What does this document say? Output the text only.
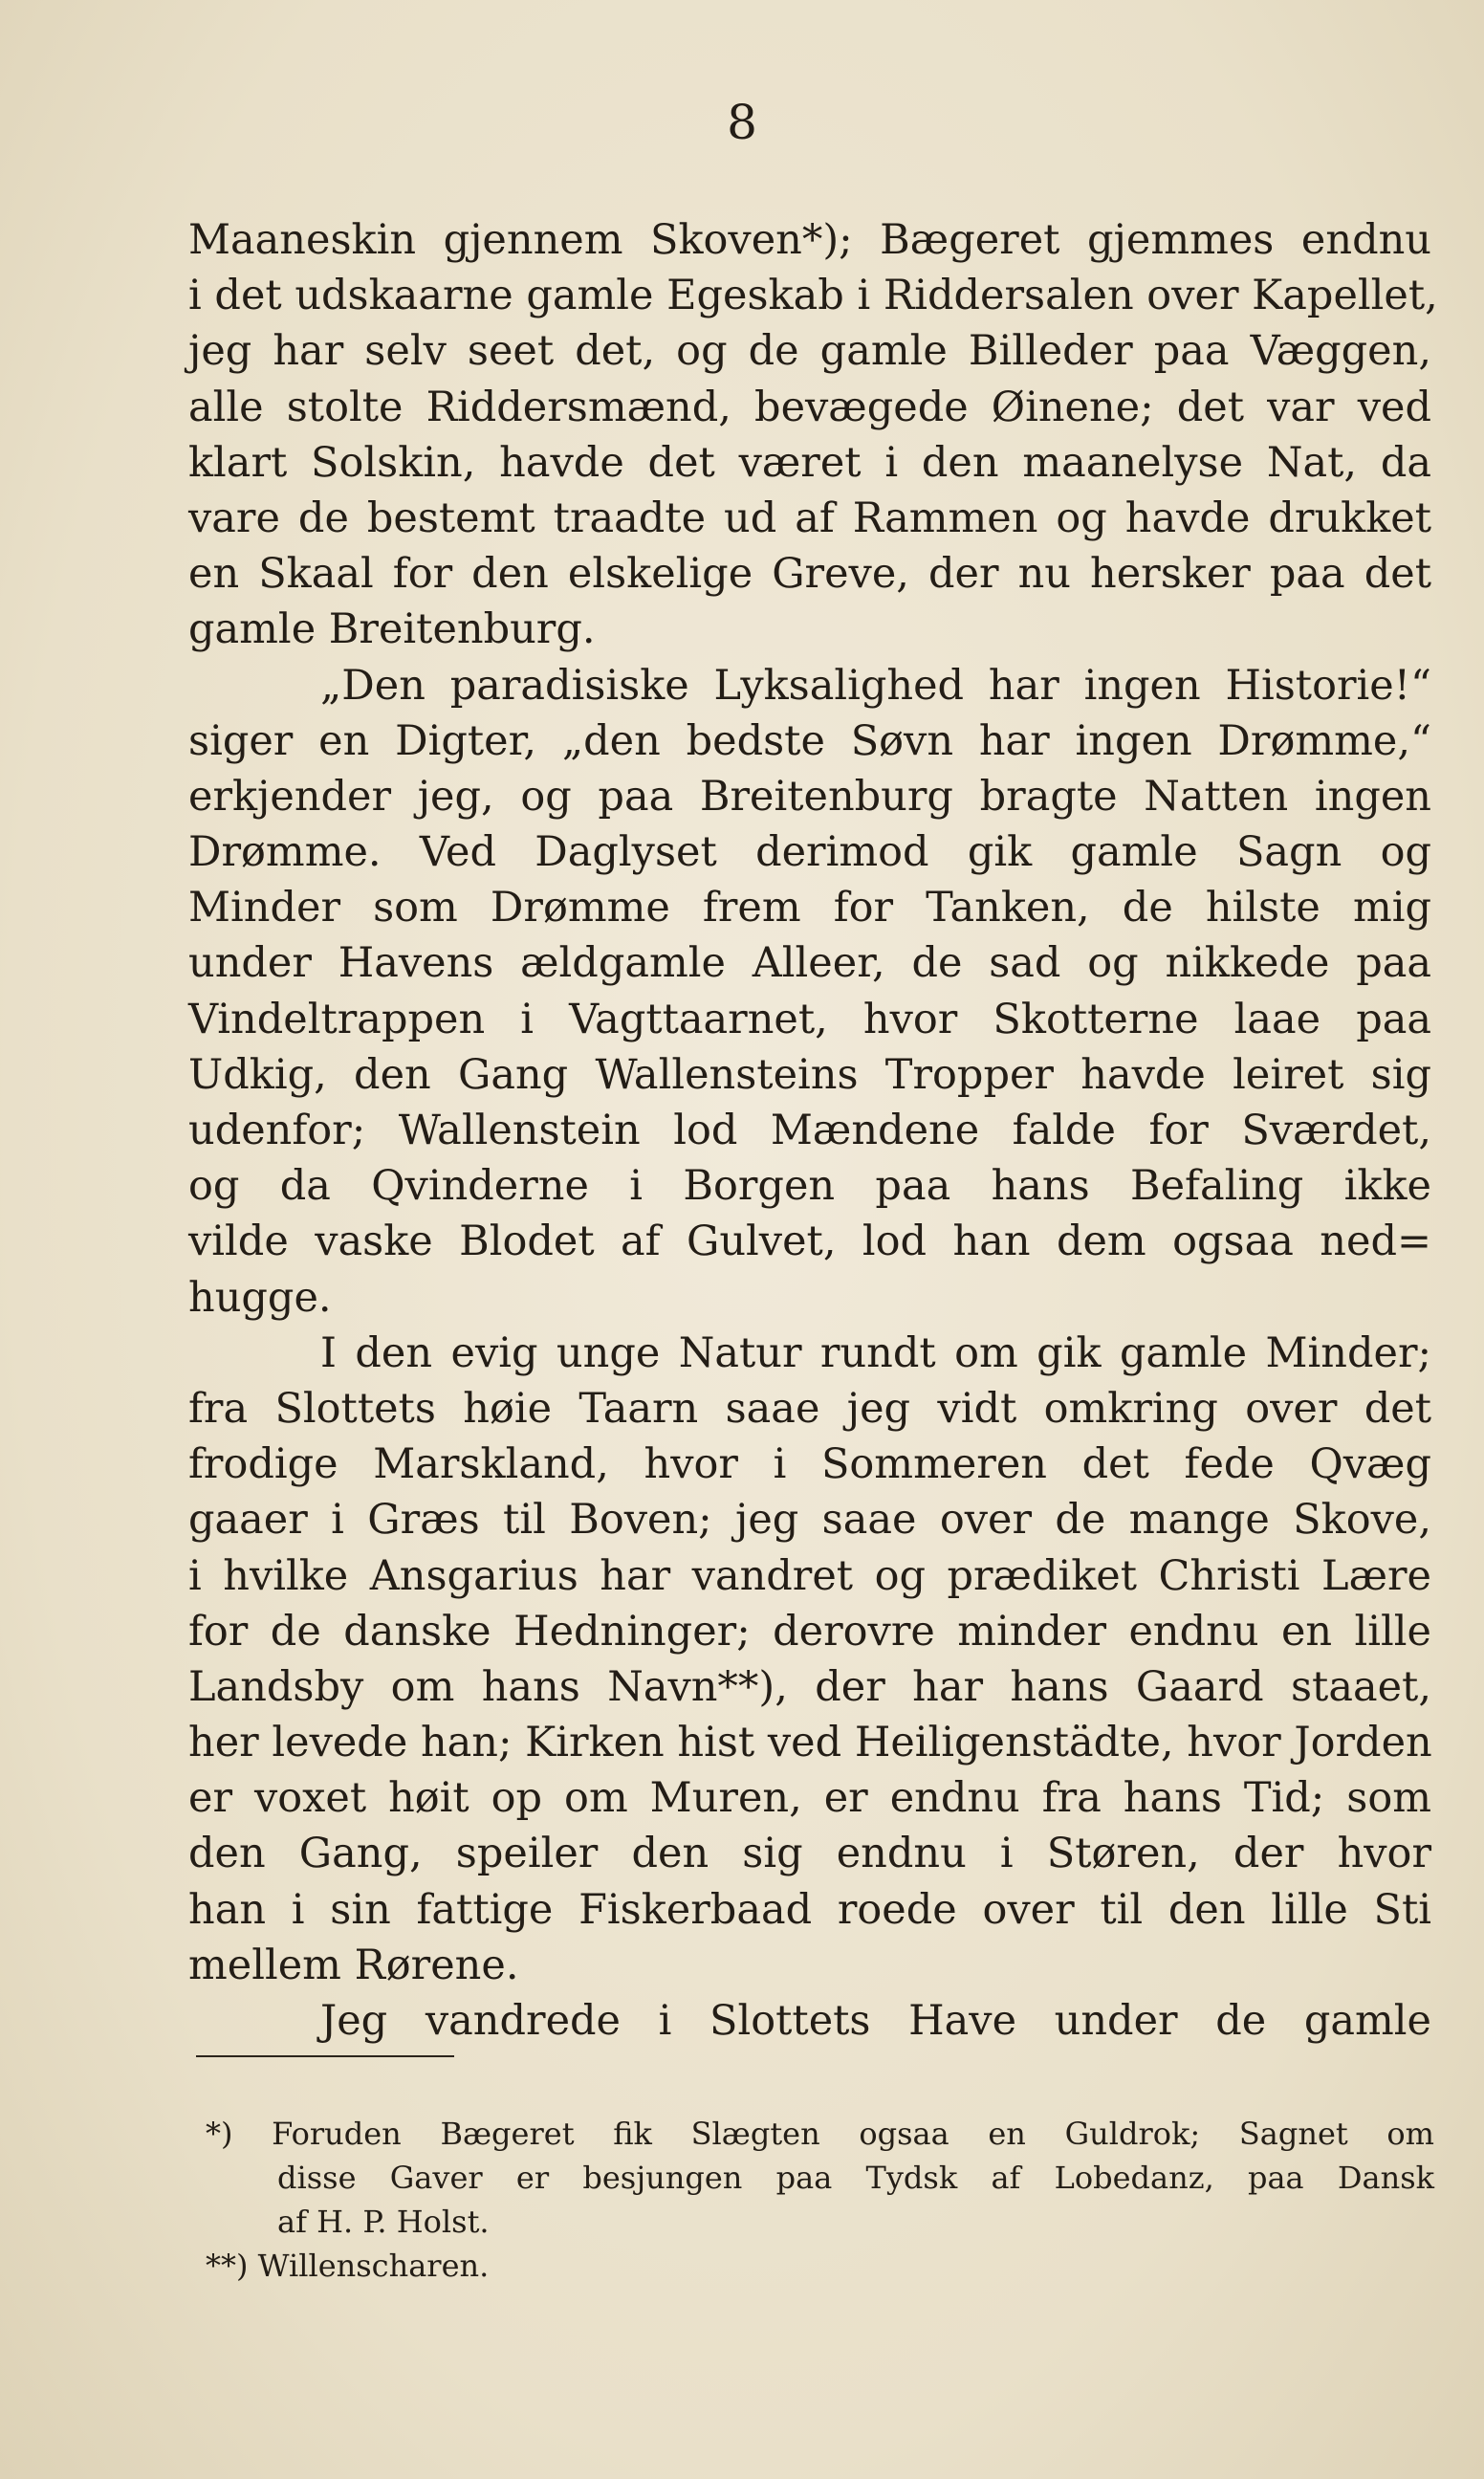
8
Maaneskin gjennem Skoven*); Bægeret gjemmes endnu
i det udskaarne gamle Egeskab i Riddersalen over Kapellet,
jeg har selv seet det, og de gamle Billeder paa Væggen,
alle stolte Riddersmænd, bevægede Øinene; det var ved
klart Solskin, havde det været i den maanelyse Nat, da
vare de bestemt traadte ud af Rammen og havde drukket
en Skaal for den elskelige Greve, der nu hersker paa det
gamle Breitenburg.
„Den paradisiske Lyksalighed har ingen Historie!“
siger en Digter, „den bedste Søvn har ingen Drømme,“
erkjender jeg, og paa Breitenburg bragte Natten ingen
Drømme. Ved Daglyset derimod gik gamle Sagn og
Minder som Drømme frem for Tanken, de hilste mig
under Havens ældgamle Alleer, de sad og nikkede paa
Vindeltrappen i Vagttaarnet, hvor Skotterne laae paa
Udkig, den Gang Wallensteins Tropper havde leiret sig
udenfor; Wallenstein lod Mændene falde for Sværdet,
og da Qvinderne i Borgen paa hans Befaling ikke
vilde vaske Blodet af Gulvet, lod han dem ogsaa ned=
hugge.
I den evig unge Natur rundt om gik gamle Minder;
fra Slottets høie Taarn saae jeg vidt omkring over det
frodige Marskland, hvor i Sommeren det fede Qvæg
gaaer i Græs til Boven; jeg saae over de mange Skove,
i hvilke Ansgarius har vandret og prædiket Christi Lære
for de danske Hedninger; derovre minder endnu en lille
Landsby om hans Navn**), der har hans Gaard staaet,
her levede han; Kirken hist ved Heiligenstädte, hvor Jorden
er voxet høit op om Muren, er endnu fra hans Tid; som
den Gang, speiler den sig endnu i Støren, der hvor
han i sin fattige Fiskerbaad roede over til den lille Sti
mellem Rørene.
Jeg vandrede i Slottets Have under de gamle
*) Foruden Bægeret fik Slægten ogsaa en Guldrok; Sagnet om
disse Gaver er besjungen paa Tydsk af Lobedanz, paa Dansk
af H. P. Holst.
**) Willenscharen.
